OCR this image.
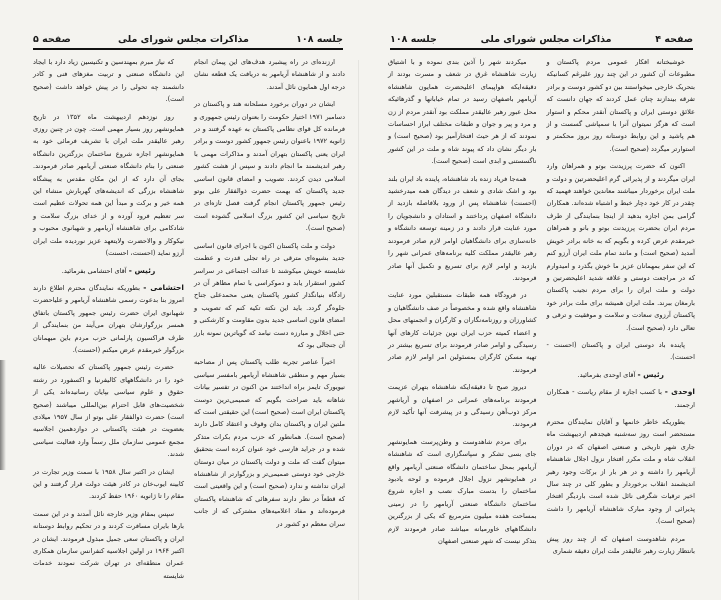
جلسه ۱۰۸
مذاکرات مجلس شورای ملی
صفحه ۵

ارزنده‌ای در راه پیشبرد هدف‌های این پیمان انجام دادند و از شاهنشاه آریامهر به دریافت یک قطعه نشان درجه اول همایون نائل آمدند.

ایشان در دوران برخورد مسلحانه هند و پاکستان در دسامبر ۱۹۷۱ اختیار حکومت را بعنوان رئیس جمهوری و فرمانده کل قوای نظامی پاکستان به عهده گرفتند و در ژانویه ۱۹۷۲ باعنوان رئیس جمهور کشور دوست و برادر ایران یعنی پاکستان بتهران آمدند و مذاکرات مهمی با رهبر اندیشمند ما انجام دادند و سپس از هشت کشور اسلامی دیدن کردند. تصویب و امضای قانون اساسی جدید پاکستان که بهمت حضرت ذوالفقار علی بوتو رئیس جمهور پاکستان انجام گرفت فصل تازه‌ای در تاریخ سیاسی این کشور بزرگ اسلامی گشوده است (صحیح است).

دولت و ملت پاکستان اکنون با اجرای قانون اساسی جدید بشیوه‌ای مترقی در راه تجلی قدرت و عظمت شایسته خویش میکوشند تا عدالت اجتماعی در سراسر کشور استقرار یابد و دموکراسی با تمام مظاهر آن در زادگاه بنیانگذار کشور پاکستان یعنی محمدعلی جناح جلوه‌گر گردد. باید این نکته تکیه کنم که تصویب و امضای قانون اساسی جدید بدون مقاومت و کارشکنی و حتی اخلال و مبارزه دست نیامد که گویاترین نمونه بارز آن جنجالی بود که

اخیراً عناصر تجربه طلب پاکستان پس از مصاحبه بسیار مهم و منطقی شاهنشاه آریامهر بامفسر سیاسی نیویورک تایمز براه انداختند من اکنون در تفسیر بیانات شاهانه باید صراحت بگویم که صمیمی‌ترین دوست پاکستان ایران است (صحیح است) این حقیقتی است که ملتین ایران و پاکستان بدان وقوف و اعتقاد کامل دارند (صحیح است). همانطور که حزب مردم بکرات متذکر شده و در جراید فارسی خود عنوان کرده است بتحقیق میتوان گفت که ملت و دولت پاکستان در میان دوستان خارجی خود دوستی صمیمی‌تر و بزرگوارتر از شاهنشاه ایران نداشته و ندارد (صحیح است) و این واقعیتی است که قطعاً در نظر دارند سفرهائی که شاهنشاه پاکستان فرموده‌اند و مفاد اعلامیه‌های مشترکی که از جانب سران معظم دو کشور در

که نیاز مبرم بمهندسین و تکنیسین زیاد دارد با ایجاد این دانشگاه صنعتی و تربیت مغزهای فنی و کادر دانشمند چه تحولی را در پیش خواهد داشت (صحیح است).

روز نوزدهم اردیبهشت ماه ۱۳۵۲ در تاریخ همایونشهر روز بسیار مهمی است. چون در چنین روزی رهبر عالیقدر ملت ایران با تشریف فرمائی خود به همایونشهر اجازه شروع ساختمان بزرگترین دانشگاه صنعتی را بنام دانشگاه صنعتی آریامهر صادر فرمودند. بجای آن دارد که از این مکان مقدس به پیشگاه شاهنشاه بزرگی که اندیشه‌های گهربارش منشاء این همه خیر و برکت و مبدأ این همه تحولات عظیم است سر تعظیم فرود آورده و از خدای بزرگ سلامت و شادکامی برای شاهنشاه آریامهر و شهبانوی محبوب و نیکوکار و والاحضرت ولایتعهد عزیز نوردیده ملت ایران آرزو نماید (احسنت، احسنت)

رئیس - آقای احتشامی بفرمائید.

احتشامی - بطوریکه نمایندگان محترم اطلاع دارند امروز بنا بدعوت رسمی شاهنشاه آریامهر و علیاحضرت شهبانوی ایران حضرت رئیس جمهور پاکستان باتفاق همسر بزرگوارشان بتهران می‌آیند من بنمایندگی از طرف فراکسیون پارلمانی حزب مردم باین میهمانان بزرگوار خیرمقدم عرض میکنم (احسنت).

حضرت رئیس جمهور پاکستان که تحصیلات عالیه خود را در دانشگاههای کالیفرنیا و اکسفورد در رشته حقوق و علوم سیاسی بپایان رسانیده‌اند یکی از شخصیت‌های قابل احترام بین‌المللی میباشند (صحیح است) حضرت ذوالفقار علی بوتو از سال ۱۹۵۷ میلادی بعضویت در هیئت پاکستانی در دوازدهمین اجلاسیه مجمع عمومی سازمان ملل رسماً وارد فعالیت سیاسی شدند.

ایشان در اکتبر سال ۱۹۵۸ با سمت وزیر تجارت در کابینه ایوب‌خان در کادر هیئت دولت قرار گرفتند و این مقام را تا ژانویه ۱۹۶۰ حفظ کردند.

سپس بمقام وزیر خارجه نائل آمدند و در این سمت بارها بایران مسافرت کردند و در تحکیم روابط دوستانه ایران و پاکستان سعی جمیل مبذول فرمودند. ایشان در اکتبر ۱۹۶۴ در اولین اجلاسیه کنفرانس سازمان همکاری عمران منطقه‌ای در تهران شرکت نمودند خدمات شایسته

صفحه ۴
مذاکرات مجلس شورای ملی
جلسه ۱۰۸

خوشبختانه افکار عمومی مردم پاکستان و مطبوعات آن کشور در این چند روز علیرغم کسانیکه بتحریک خارجی میخواستند بین دو کشور دوست و برادر تفرقه بیندازند چنان عمل کردند که جهان دانست که علائق دوستی ایران و پاکستان آنقدر محکم و استوار است که هرگز نمیتوان آنرا با سمپاشی گسست و از هم پاشید و این روابط دوستانه روز بروز محکمتر و استوارتر میگردد (صحیح است).

اکنون که حضرت پرزیدنت بوتو و همراهان وارد ایران میگردند و از پذیرائی گرم اعلیحضرتین و دولت و ملت ایران برخوردار میباشند معاندین خواهند فهمید که چقدر در کار خود دچار خبط و اشتباه شده‌اند. همکاران گرامی بمن اجازه بدهید از اینجا بنمایندگی از طرف مردم ایران بحضرت پرزیدنت بوتو و بانو و همراهان خیرمقدم عرض کرده و بگویم که به خانه برادر خویش آمدید (صحیح است) و مانند تمام ملت ایران آرزو کنم که این سفر بمهمانان عزیز ما خوش بگذرد و امیدوارم که در مراجعت دوستی و علاقه شدید اعلیحضرتین و دولت و ملت ایران را برای مردم نجیب پاکستان بارمغان ببرند. ملت ایران همیشه برای ملت برادر خود پاکستان آرزوی سعادت و سلامت و موفقیت و ترقی و تعالی دارد (صحیح است).

پاینده باد دوستی ایران و پاکستان (احسنت - احسنت).

رئیس - آقای اوحدی بفرمائید.

اوحدی - با کسب اجازه از مقام ریاست - همکاران ارجمند.

بطوریکه خاطر خانمها و آقایان نمایندگان محترم مستحضر است روز سه‌شنبه هیجدهم اردیبهشت ماه جاری شهر تاریخی و صنعتی اصفهان که در دوران انقلاب شاه و ملت مکرر افتخار نزول اجلال شاهنشاه آریامهر را داشته و در هر بار از برکات وجود رهبر اندیشمند انقلاب برخوردار و بطور کلی در چند سال اخیر ترقیات شگرفی نائل شده است باردیگر افتخار پذیرائی از وجود مبارک شاهنشاه آریامهر را داشت (صحیح است).

مردم شاهدوست اصفهان که از چند روز پیش بانتظار زیارت رهبر عالیقدر ملت ایران دقیقه شماری

میکردند شهر را آذین بندی نموده و با اشتیاق زیارت شاهنشاه غرق در شعف و مسرت بودند از دقیقه‌ایکه هواپیمای اعلیحضرت همایون شاهنشاه آریامهر باصفهان رسید در تمام خیابانها و گذرهائیکه محل عبور رهبر عالیقدر مملکت بود آنقدر مردم از زن و مرد و پیر و جوان و طبقات مختلف ابراز احساسات نمودند که از هر حیث افتخارآمیز بود (صحیح است) و بار دیگر نشان داد که پیوند شاه و ملت در این کشور ناگسستنی و ابدی است (صحیح است).

همه‌جا فریاد زنده باد شاهنشاه، پاینده باد ایران بلند بود و اشک شادی و شعف در دیدگان همه میدرخشید (احسنت) شاهنشاه پس از ورود بلافاصله بازدید از دانشگاه اصفهان پرداختند و استادان و دانشجویان را مورد عنایت قرار دادند و در زمینه توسعه دانشگاه و خانه‌سازی برای دانشگاهیان اوامر لازم صادر فرمودند رهبر عالیقدر مملکت کلیه برنامه‌های عمرانی شهر را بازدید و اوامر لازم برای تسریع و تکمیل آنها صادر فرمودند.

در فرودگاه همه طبقات مستقبلین مورد عنایت شاهنشاه واقع شده و مخصوصاً در صف دانشگاهیان و کشاورزان و روزنامه‌نگاران و کارگران و انجمنهای محل و اعضاء کمیته حزب ایران نوین جزئیات کارهای آنها رسیدگی و اوامر صادر فرمودند برای تسریع بیشتر در تهیه مسکن کارگران بمسئولین امر اوامر لازم صادر فرمودند.

دیروز صبح تا دقیقه‌ایکه شاهنشاه بتهران عزیمت فرمودند برنامه‌های عمرانی در اصفهان و آریاشهر مرکز ذوب‌آهن رسیدگی و در پیشرفت آنها تأکید لازم فرمودند.

برای مردم شاهدوست و وطن‌پرست همایونشهر جای بسی تشکر و سپاسگزاری است که شاهنشاه آریامهر بمحل ساختمان دانشگاه صنعتی آریامهر واقع در همایونشهر نزول اجلال فرموده و لوحه یادبود ساختمان را بدست مبارک نصب و اجازه شروع ساختمان دانشگاه صنعتی آریامهر را در زمینی بمساحت هفده میلیون مترمربع که یکی از بزرگترین دانشگاههای خاورمیانه میباشد صادر فرمودند لازم بتذکر نیست که شهر صنعتی اصفهان
